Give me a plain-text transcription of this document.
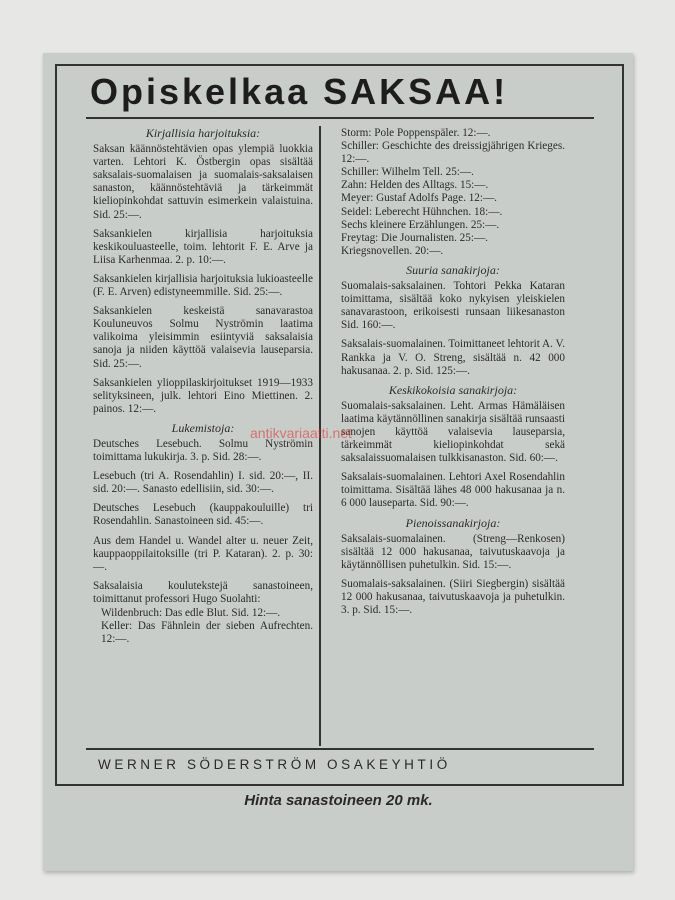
Opiskelkaa SAKSAA!
Kirjallisia harjoituksia:

Saksan käännöstehtävien opas ylempiä luokkia varten. Lehtori K. Östbergin opas sisältää saksalais-suomalaisen ja suomalais-saksalaisen sanaston, käännöstehtäviä ja tärkeimmät kieliopinkohdat sattuvin esimerkein valaistuina. Sid. 25:—.

Saksankielen kirjallisia harjoituksia keskikouluasteelle, toim. lehtorit F. E. Arve ja Liisa Karhenmaa. 2. p. 10:—.

Saksankielen kirjallisia harjoituksia lukioasteelle (F. E. Arven) edistyneemmille. Sid. 25:—.

Saksankielen keskeistä sanavarastoa Kouluneuvos Solmu Nyströmin laatima valikoima yleisimmin esiintyviä saksalaisia sanoja ja niiden käyttöä valaisevia lauseparsia. Sid. 25:—.

Saksankielen ylioppilaskirjoitukset 1919—1933 selityksineen, julk. lehtori Eino Miettinen. 2. painos. 12:—.

Lukemistoja:

Deutsches Lesebuch. Solmu Nyströmin toimittama lukukirja. 3. p. Sid. 28:—.

Lesebuch (tri A. Rosendahlin) I. sid. 20:—, II. sid. 20:—. Sanasto edellisiin, sid. 30:—.

Deutsches Lesebuch (kauppakouluille) tri Rosendahlin. Sanastoineen sid. 45:—.

Aus dem Handel u. Wandel alter u. neuer Zeit, kauppaoppilaitoksille (tri P. Kataran). 2. p. 30:—.

Saksalaisia koulutekstejä sanastoineen, toimittanut professori Hugo Suolahti:

Wildenbruch: Das edle Blut. Sid. 12:—.

Keller: Das Fähnlein der sieben Aufrechten. 12:—.

Storm: Pole Poppenspäler. 12:—.

Schiller: Geschichte des dreissigjährigen Krieges. 12:—.

Schiller: Wilhelm Tell. 25:—.

Zahn: Helden des Alltags. 15:—.

Meyer: Gustaf Adolfs Page. 12:—.

Seidel: Leberecht Hühnchen. 18:—.

Sechs kleinere Erzählungen. 25:—.

Freytag: Die Journalisten. 25:—.

Kriegsnovellen. 20:—.

Suuria sanakirjoja:

Suomalais-saksalainen. Tohtori Pekka Kataran toimittama, sisältää koko nykyisen yleiskielen sanavarastoon, erikoisesti runsaan liikesanaston Sid. 160:—.

Saksalais-suomalainen. Toimittaneet lehtorit A. V. Rankka ja V. O. Streng, sisältää n. 42 000 hakusanaa. 2. p. Sid. 125:—.

Keskikokoisia sanakirjoja:

Suomalais-saksalainen. Leht. Armas Hämäläisen laatima käytännöllinen sanakirja sisältää runsaasti sanojen käyttöä valaisevia lauseparsia, tärkeimmät kieliopinkohdat sekä saksalaissuomalaisen tulkkisanaston. Sid. 60:—.

Saksalais-suomalainen. Lehtori Axel Rosendahlin toimittama. Sisältää lähes 48 000 hakusanaa ja n. 6 000 lauseparta. Sid. 90:—.

Pienoissanakirjoja:

Saksalais-suomalainen. (Streng—Renkosen) sisältää 12 000 hakusanaa, taivutuskaavoja ja käytännöllisen puhetulkin. Sid. 15:—.

Suomalais-saksalainen. (Siiri Siegbergin) sisältää 12 000 hakusanaa, taivutuskaavoja ja puhetulkin. 3. p. Sid. 15:—.

WERNER SÖDERSTRÖM OSAKEYHTIÖ
Hinta sanastoineen 20 mk.
antikvariaatti.net
